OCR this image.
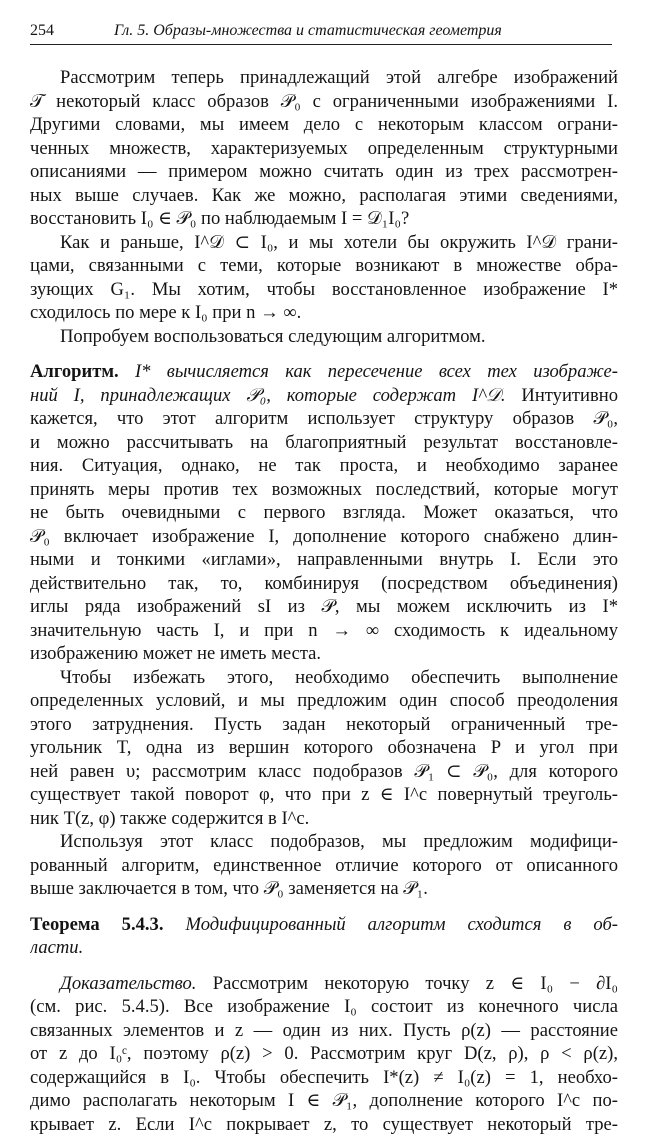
254	Гл. 5. Образы-множества и статистическая геометрия
Рассмотрим теперь принадлежащий этой алгебре изображений
𝒯 некоторый класс образов 𝒫₀ с ограниченными изображениями I.
Другими словами, мы имеем дело с некоторым классом ограни-
ченных множеств, характеризуемых определенным структурными
описаниями — примером можно считать один из трех рассмотрен-
ных выше случаев. Как же можно, располагая этими сведениями,
восстановить I₀ ∈ 𝒫₀ по наблюдаемым I = 𝒟₁I₀?
Как и раньше, I^𝒟 ⊂ I₀, и мы хотели бы окружить I^𝒟 грани-
цами, связанными с теми, которые возникают в множестве обра-
зующих G₁. Мы хотим, чтобы восстановленное изображение I*
сходилось по мере к I₀ при n → ∞.
Попробуем воспользоваться следующим алгоритмом.
Алгоритм. I* вычисляется как пересечение всех тех изображе-
ний I, принадлежащих 𝒫₀, которые содержат I^𝒟. Интуитивно
кажется, что этот алгоритм использует структуру образов 𝒫₀,
и можно рассчитывать на благоприятный результат восстановле-
ния. Ситуация, однако, не так проста, и необходимо заранее
принять меры против тех возможных последствий, которые могут
не быть очевидными с первого взгляда. Может оказаться, что
𝒫₀ включает изображение I, дополнение которого снабжено длин-
ными и тонкими «иглами», направленными внутрь I. Если это
действительно так, то, комбинируя (посредством объединения)
иглы ряда изображений sI из 𝒫, мы можем исключить из I*
значительную часть I, и при n → ∞ сходимость к идеальному
изображению может не иметь места.
Чтобы избежать этого, необходимо обеспечить выполнение
определенных условий, и мы предложим один способ преодоления
этого затруднения. Пусть задан некоторый ограниченный тре-
угольник T, одна из вершин которого обозначена P и угол при
ней равен υ; рассмотрим класс подобразов 𝒫₁ ⊂ 𝒫₀, для которого
существует такой поворот φ, что при z ∈ I^c повернутый треуголь-
ник T(z, φ) также содержится в I^c.
Используя этот класс подобразов, мы предложим модифици-
рованный алгоритм, единственное отличие которого от описанного
выше заключается в том, что 𝒫₀ заменяется на 𝒫₁.
Теорема 5.4.3. Модифицированный алгоритм сходится в об-
ласти.
Доказательство. Рассмотрим некоторую точку z ∈ I₀ − ∂I₀
(см. рис. 5.4.5). Все изображение I₀ состоит из конечного числа
связанных элементов и z — один из них. Пусть ρ(z) — расстояние
от z до I₀ᶜ, поэтому ρ(z) > 0. Рассмотрим круг D(z, ρ), ρ < ρ(z),
содержащийся в I₀. Чтобы обеспечить I*(z) ≠ I₀(z) = 1, необхо-
димо располагать некоторым I ∈ 𝒫₁, дополнение которого I^c по-
крывает z. Если I^c покрывает z, то существует некоторый тре-
